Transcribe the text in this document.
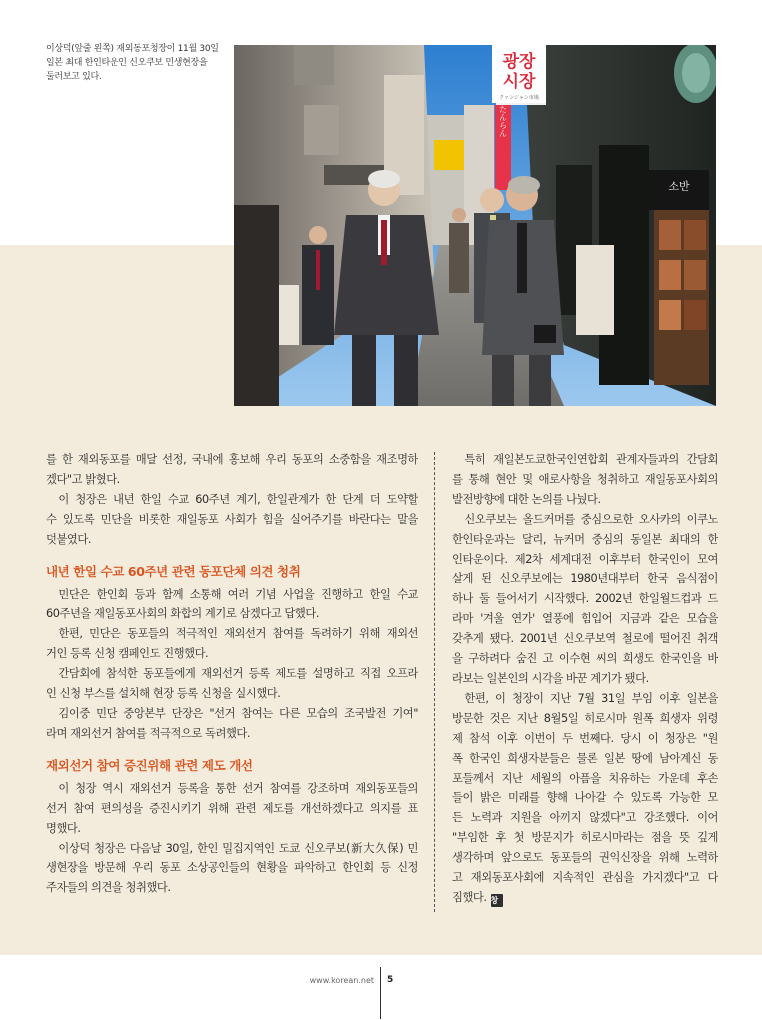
이상덕(앞줄 왼쪽) 재외동포청장이 11월 30일
일본 최대 한인타운인 신오쿠보 민생현장을
둘러보고 있다.
광장
시장
クァンジャン市場
たんらん
소반
를 한 재외동포를 매달 선정, 국내에 홍보해 우리 동포의 소중함을 재조명하
겠다"고 밝혔다.
이 청장은 내년 한일 수교 60주년 계기, 한일관계가 한 단계 더 도약할
수 있도록 민단을 비롯한 재일동포 사회가 힘을 실어주기를 바란다는 말을
덧붙였다.
내년 한일 수교 60주년 관련 동포단체 의견 청취
민단은 한인회 등과 함께 소통해 여러 기념 사업을 진행하고 한일 수교
60주년을 재일동포사회의 화합의 계기로 삼겠다고 답했다.
한편, 민단은 동포들의 적극적인 재외선거 참여를 독려하기 위해 재외선
거인 등록 신청 캠페인도 진행했다.
간담회에 참석한 동포들에게 재외선거 등록 제도를 설명하고 직접 오프라
인 신청 부스를 설치해 현장 등록 신청을 실시했다.
김이중 민단 중앙본부 단장은 "선거 참여는 다른 모습의 조국발전 기여"
라며 재외선거 참여를 적극적으로 독려했다.
재외선거 참여 증진위해 관련 제도 개선
이 청장 역시 재외선거 등록을 통한 선거 참여를 강조하며 재외동포들의
선거 참여 편의성을 증진시키기 위해 관련 제도를 개선하겠다고 의지를 표
명했다.
이상덕 청장은 다음날 30일, 한인 밀집지역인 도쿄 신오쿠보(新大久保) 민
생현장을 방문해 우리 동포 소상공인들의 현황을 파악하고 한인회 등 신정
주자들의 의견을 청취했다.
특히 재일본도쿄한국인연합회 관계자들과의 간담회
를 통해 현안 및 애로사항을 청취하고 재일동포사회의
발전방향에 대한 논의를 나눴다.
신오쿠보는 올드커머를 중심으로한 오사카의 이쿠노
한인타운과는 달리, 뉴커머 중심의 동일본 최대의 한
인타운이다. 제2차 세계대전 이후부터 한국인이 모여
살게 된 신오쿠보에는 1980년대부터 한국 음식점이
하나 둘 들어서기 시작했다. 2002년 한일월드컵과 드
라마 '겨울 연가' 열풍에 힘입어 지금과 같은 모습을
갖추게 됐다. 2001년 신오쿠보역 철로에 떨어진 취객
을 구하려다 숨진 고 이수현 씨의 희생도 한국인을 바
라보는 일본인의 시각을 바꾼 계기가 됐다.
한편, 이 청장이 지난 7월 31일 부임 이후 일본을
방문한 것은 지난 8월5일 히로시마 원폭 희생자 위령
제 참석 이후 이번이 두 번째다. 당시 이 청장은 "원
폭 한국인 희생자분들은 물론 일본 땅에 남아계신 동
포들께서 지난 세월의 아픔을 치유하는 가운데 후손
들이 밝은 미래를 향해 나아갈 수 있도록 가능한 모
든 노력과 지원을 아끼지 않겠다"고 강조했다. 이어
"부임한 후 첫 방문지가 히로시마라는 점을 뜻 깊게
생각하며 앞으로도 동포들의 권익신장을 위해 노력하
고 재외동포사회에 지속적인 관심을 가지겠다"고 다
짐했다. 창
www.korean.net 5
